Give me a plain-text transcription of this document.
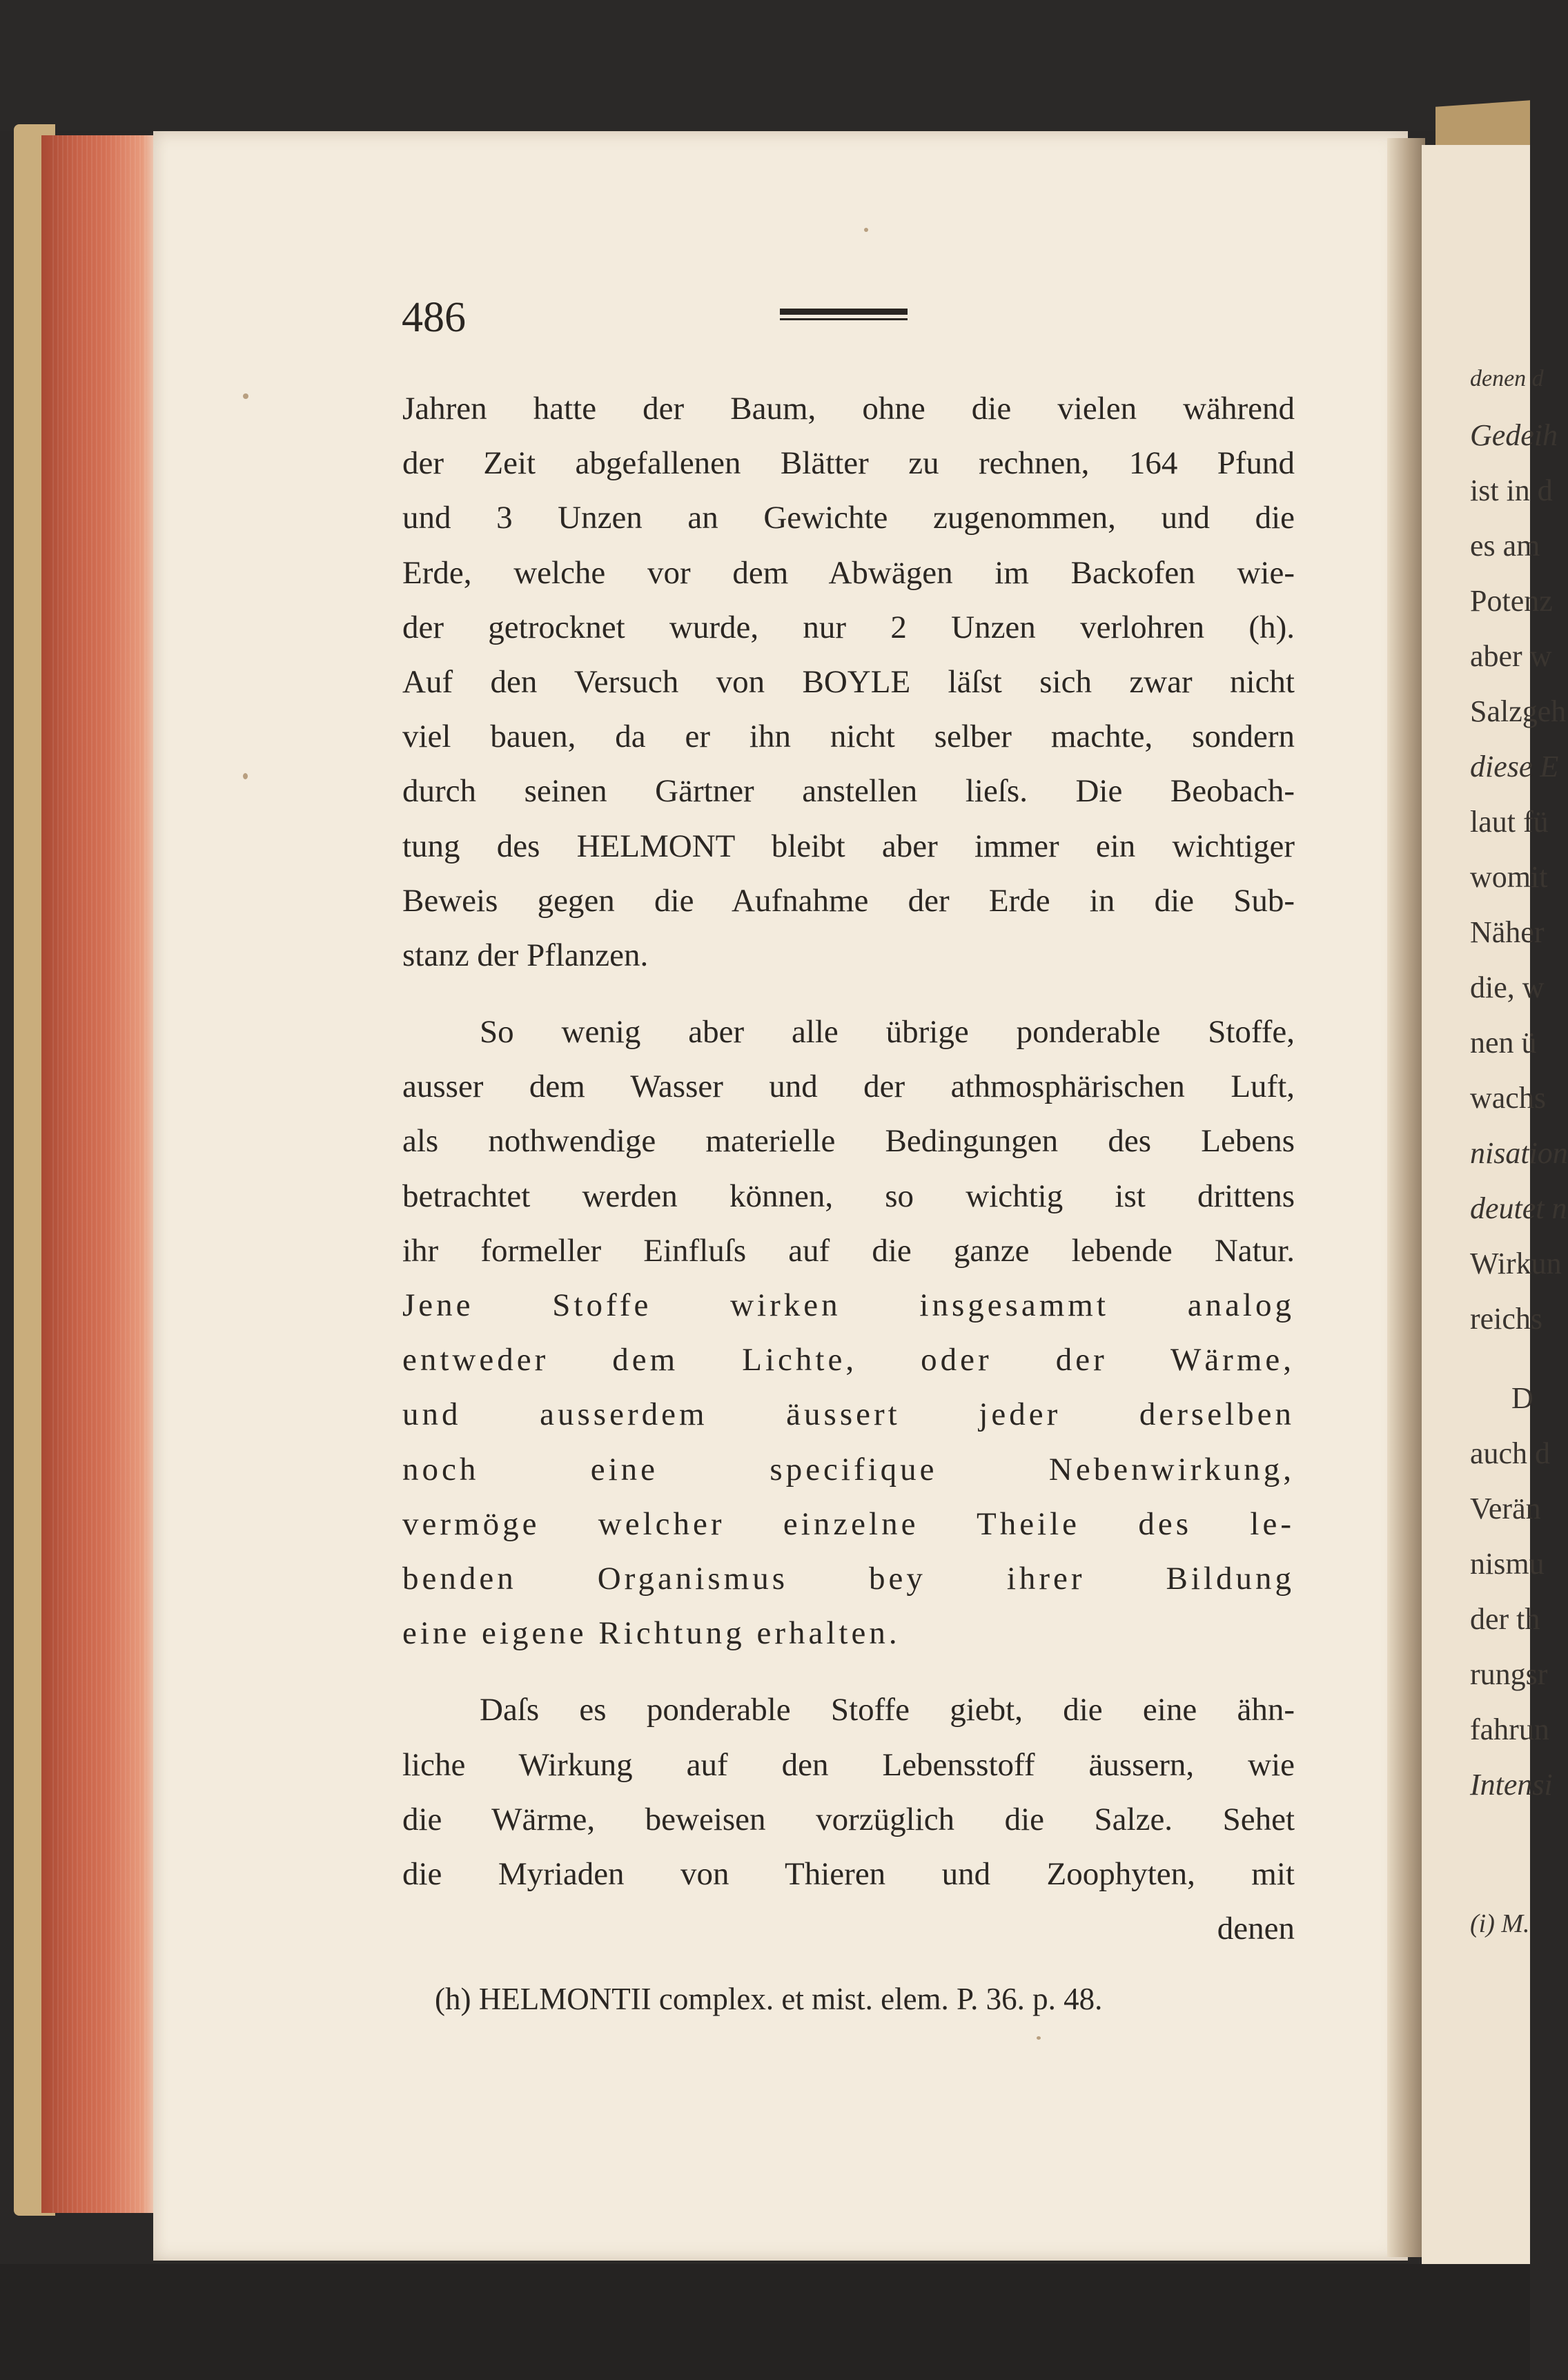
denen d
Gedeih
ist in d
es am
Potenz
aber w
Salzgeh
diese E
laut fü
womit
Näher
die, w
nen ü
wachs
nisation
deutet n
Wirkun
reichs
D
auch d
Verän
nismu
der th
rungsr
fahrun
Intensi
(i) M.
486
Jahren hatte der Baum, ohne die vielen während
der Zeit abgefallenen Blätter zu rechnen, 164 Pfund
und 3 Unzen an Gewichte zugenommen, und die
Erde, welche vor dem Abwägen im Backofen wie-
der getrocknet wurde, nur 2 Unzen verlohren (h).
Auf den Versuch von BOYLE läſst sich zwar nicht
viel bauen, da er ihn nicht selber machte, sondern
durch seinen Gärtner anstellen lieſs. Die Beobach-
tung des HELMONT bleibt aber immer ein wichtiger
Beweis gegen die Aufnahme der Erde in die Sub-
stanz der Pflanzen.
So wenig aber alle übrige ponderable Stoffe,
ausser dem Wasser und der athmosphärischen Luft,
als nothwendige materielle Bedingungen des Lebens
betrachtet werden können, so wichtig ist drittens
ihr formeller Einfluſs auf die ganze lebende Natur.
Jene Stoffe wirken insgesammt analog
entweder dem Lichte, oder der Wärme,
und ausserdem äussert jeder derselben
noch eine specifique Nebenwirkung,
vermöge welcher einzelne Theile des le-
benden Organismus bey ihrer Bildung
eine eigene Richtung erhalten.
Daſs es ponderable Stoffe giebt, die eine ähn-
liche Wirkung auf den Lebensstoff äussern, wie
die Wärme, beweisen vorzüglich die Salze. Sehet
die Myriaden von Thieren und Zoophyten, mit
denen
(h) HELMONTII complex. et mist. elem. P. 36. p. 48.
